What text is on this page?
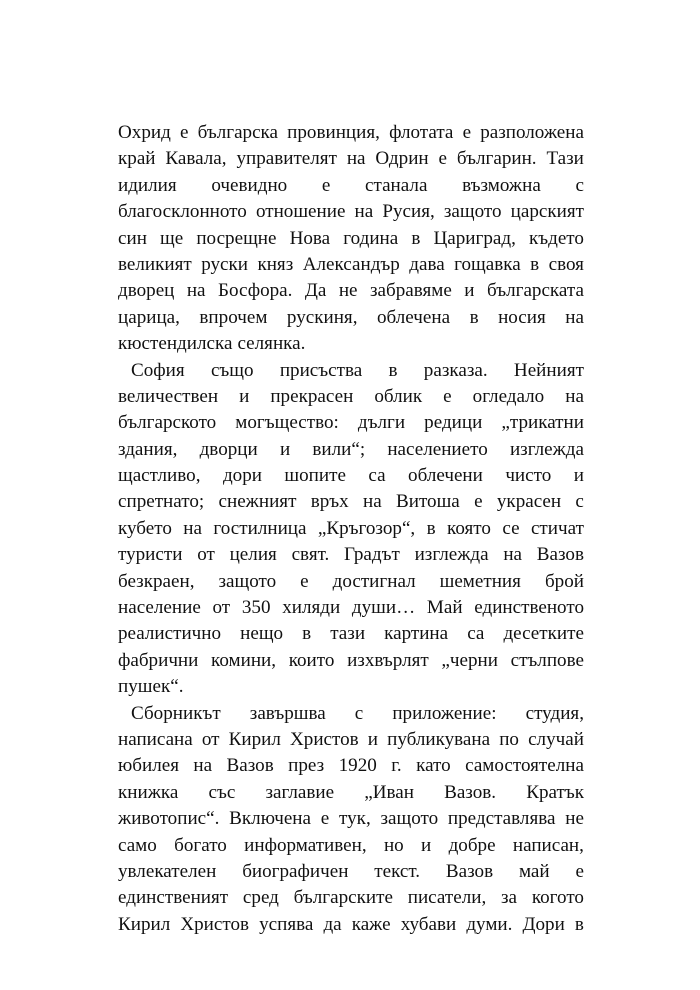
Охрид е българска провинция, флотата е разположена
край Кавала, управителят на Одрин е българин. Тази
идилия очевидно е станала възможна с
благосклонното отношение на Русия, защото царският
син ще посрещне Нова година в Цариград, където
великият руски княз Александър дава гощавка в своя
дворец на Босфора. Да не забравяме и българската
царица, впрочем рускиня, облечена в носия на
кюстендилска селянка.
София също присъства в разказа. Нейният
величествен и прекрасен облик е огледало на
българското могъщество: дълги редици „трикатни
здания, дворци и вили“; населението изглежда
щастливо, дори шопите са облечени чисто и
спретнато; снежният връх на Витоша е украсен с
кубето на гостилница „Кръгозор“, в която се стичат
туристи от целия свят. Градът изглежда на Вазов
безкраен, защото е достигнал шеметния брой
население от 350 хиляди души… Май единственото
реалистично нещо в тази картина са десетките
фабрични комини, които изхвърлят „черни стълпове
пушек“.
Сборникът завършва с приложение: студия,
написана от Кирил Христов и публикувана по случай
юбилея на Вазов през 1920 г. като самостоятелна
книжка със заглавие „Иван Вазов. Кратък
животопис“. Включена е тук, защото представлява не
само богато информативен, но и добре написан,
увлекателен биографичен текст. Вазов май е
единственият сред българските писатели, за когото
Кирил Христов успява да каже хубави думи. Дори в
